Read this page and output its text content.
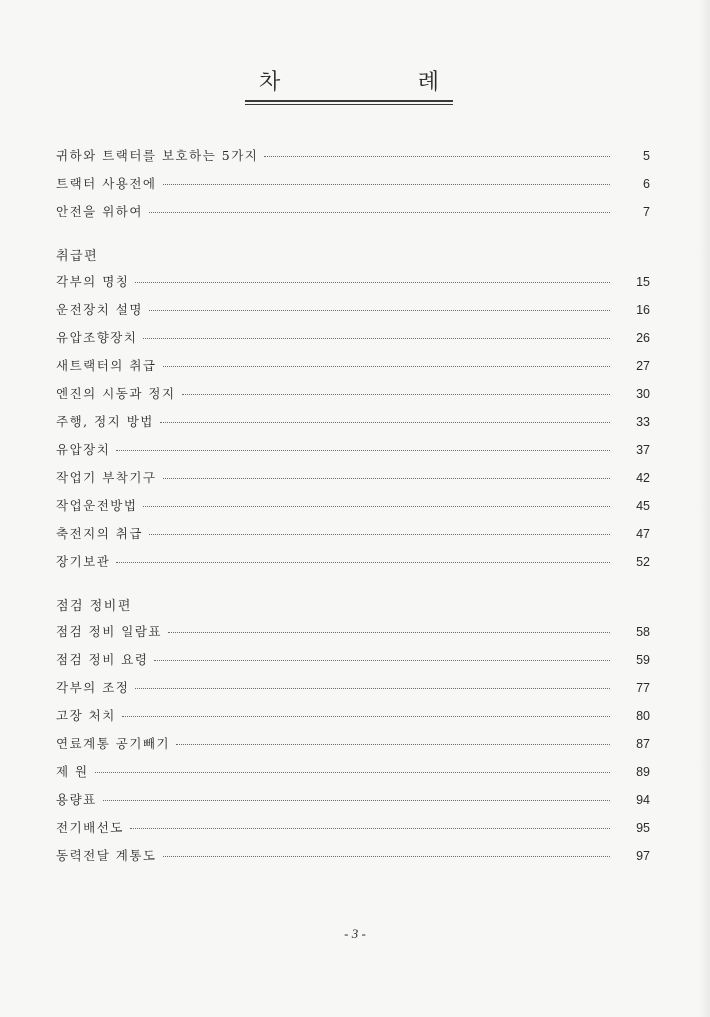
차	례
귀하와 트랙터를 보호하는 5가지	5
트랙터 사용전에	6
안전을 위하여	7
취급편
각부의 명칭	15
운전장치 설명	16
유압조향장치	26
새트랙터의 취급	27
엔진의 시동과 정지	30
주행, 정지 방법	33
유압장치	37
작업기 부착기구	42
작업운전방법	45
축전지의 취급	47
장기보관	52
점검 정비편
점검 정비 일람표	58
점검 정비 요령	59
각부의 조정	77
고장 처치	80
연료계통 공기빼기	87
제 원	89
용량표	94
전기배선도	95
동력전달 계통도	97
- 3 -
